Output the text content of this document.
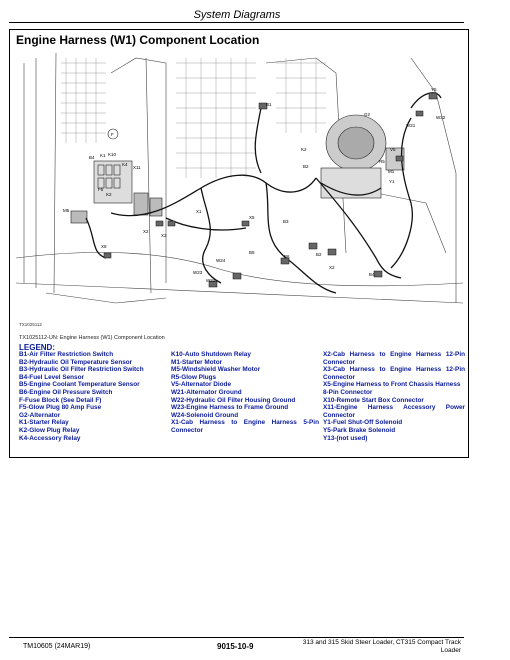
System Diagrams
Engine Harness (W1) Component Location
F
B4 K1 K10
K4
X11
F5
K2
M5
X8
X2
X3
X1
X5
B1
B2
K2
G2
W21
R5
M1
V5
Y5
W22
Y1
B3
B5
B6
W24
W23
W21
B2
X2
B4
TX1025112
TX1025112-UN: Engine Harness (W1) Component Location
LEGEND:
B1-Air Filter Restriction Switch
B2-Hydraulic Oil Temperature Sensor
B3-Hydraulic Oil Filter Restriction Switch
B4-Fuel Level Sensor
B5-Engine Coolant Temperature Sensor
B6-Engine Oil Pressure Switch
F-Fuse Block (See Detail F)
F5-Glow Plug 80 Amp Fuse
G2-Alternator
K1-Starter Relay
K2-Glow Plug Relay
K4-Accessory Relay
K10-Auto Shutdown Relay
M1-Starter Motor
M5-Windshield Washer Motor
R5-Glow Plugs
V5-Alternator Diode
W21-Alternator Ground
W22-Hydraulic Oil Filter Housing Ground
W23-Engine Harness to Frame Ground
W24-Solenoid Ground
X1-Cab Harness to Engine Harness 5-Pin
Connector
X2-Cab Harness to Engine Harness 12-Pin
Connector
X3-Cab Harness to Engine Harness 12-Pin
Connector
X5-Engine Harness to Front Chassis Harness
8-Pin Connector
X10-Remote Start Box Connector
X11-Engine Harness Accessory Power
Connector
Y1-Fuel Shut-Off Solenoid
Y5-Park Brake Solenoid
Y13-(not used)
TM10605 (24MAR19)	9015-10-9	313 and 315 Skid Steer Loader, CT315 Compact Track
Loader
